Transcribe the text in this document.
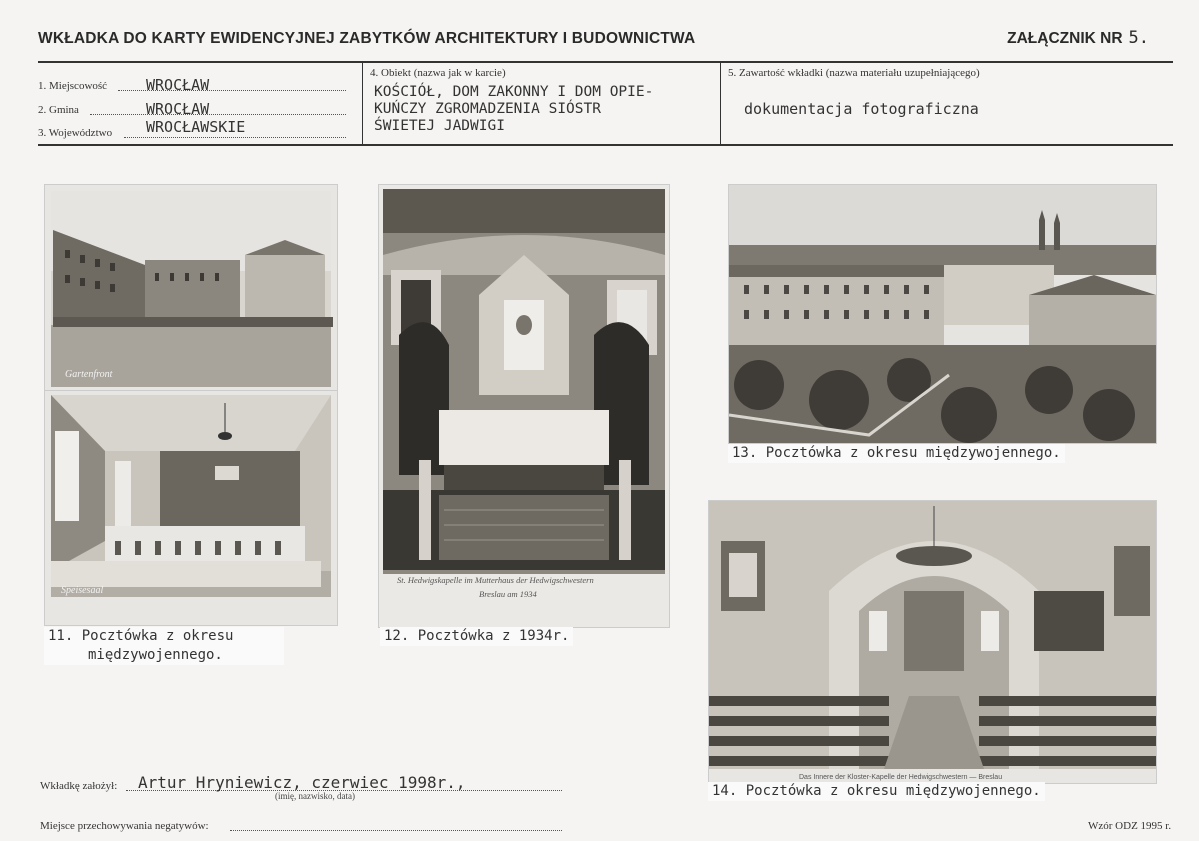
WKŁADKA DO KARTY EWIDENCYJNEJ ZABYTKÓW ARCHITEKTURY I BUDOWNICTWA	ZAŁĄCZNIK NR 5.
1. Miejscowość	WROCŁAW
2. Gmina	WROCŁAW
3. Województwo WROCŁAWSKIE
4. Obiekt (nazwa jak w karcie)
KOŚCIÓŁ, DOM ZAKONNY I DOM OPIE-
KUŃCZY ZGROMADZENIA SIÓSTR
ŚWIETEJ JADWIGI
5. Zawartość wkładki (nazwa materiału uzupełniającego)
dokumentacja fotograficzna
Gartenfront
Speisesaal
11. Pocztówka z okresu
międzywojennego.
St. Hedwigskapelle im Mutterhaus der Hedwigschwestern
Breslau am 1934
12. Pocztówka z 1934r.
13. Pocztówka z okresu międzywojennego.
Das Innere der Kloster-Kapelle der Hedwigschwestern — Breslau
14. Pocztówka z okresu międzywojennego.
Wkładkę założył: Artur Hryniewicz, czerwiec 1998r.,
(imię, nazwisko, data)
Miejsce przechowywania negatywów:	Wzór ODZ 1995 r.
